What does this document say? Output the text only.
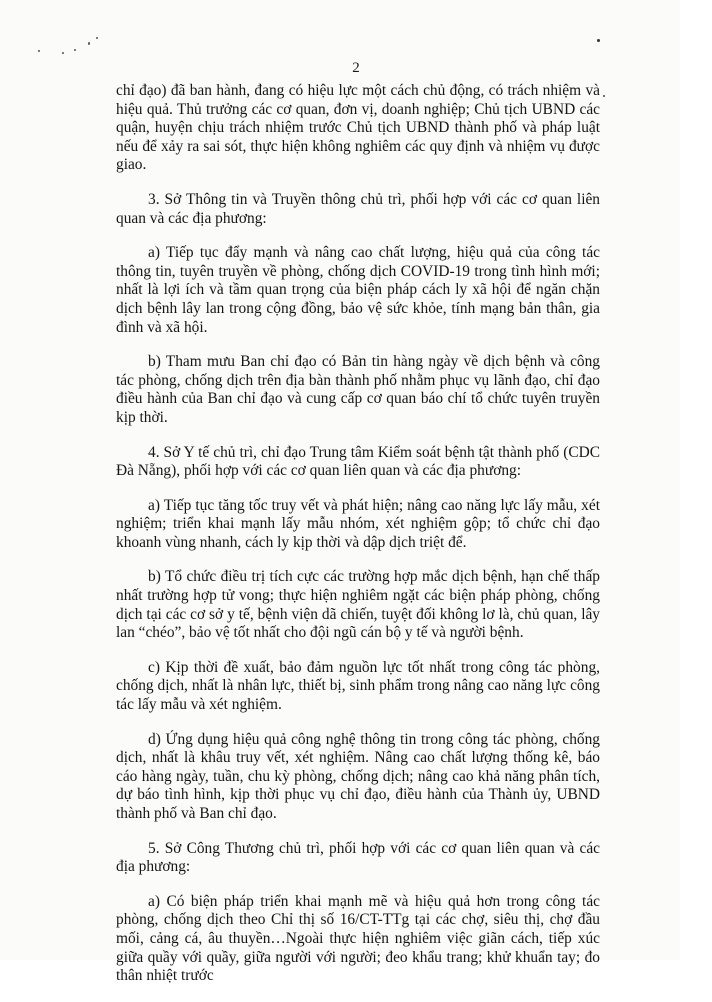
2

chỉ đạo) đã ban hành, đang có hiệu lực một cách chủ động, có trách nhiệm và hiệu quả. Thủ trưởng các cơ quan, đơn vị, doanh nghiệp; Chủ tịch UBND các quận, huyện chịu trách nhiệm trước Chủ tịch UBND thành phố và pháp luật nếu để xảy ra sai sót, thực hiện không nghiêm các quy định và nhiệm vụ được giao.

3. Sở Thông tin và Truyền thông chủ trì, phối hợp với các cơ quan liên quan và các địa phương:

a) Tiếp tục đẩy mạnh và nâng cao chất lượng, hiệu quả của công tác thông tin, tuyên truyền về phòng, chống dịch COVID-19 trong tình hình mới; nhất là lợi ích và tầm quan trọng của biện pháp cách ly xã hội để ngăn chặn dịch bệnh lây lan trong cộng đồng, bảo vệ sức khỏe, tính mạng bản thân, gia đình và xã hội.

b) Tham mưu Ban chỉ đạo có Bản tin hàng ngày về dịch bệnh và công tác phòng, chống dịch trên địa bàn thành phố nhằm phục vụ lãnh đạo, chỉ đạo điều hành của Ban chỉ đạo và cung cấp cơ quan báo chí tổ chức tuyên truyền kịp thời.

4. Sở Y tế chủ trì, chỉ đạo Trung tâm Kiểm soát bệnh tật thành phố (CDC Đà Nẵng), phối hợp với các cơ quan liên quan và các địa phương:

a) Tiếp tục tăng tốc truy vết và phát hiện; nâng cao năng lực lấy mẫu, xét nghiệm; triển khai mạnh lấy mẫu nhóm, xét nghiệm gộp; tổ chức chỉ đạo khoanh vùng nhanh, cách ly kịp thời và dập dịch triệt để.

b) Tổ chức điều trị tích cực các trường hợp mắc dịch bệnh, hạn chế thấp nhất trường hợp tử vong; thực hiện nghiêm ngặt các biện pháp phòng, chống dịch tại các cơ sở y tế, bệnh viện dã chiến, tuyệt đối không lơ là, chủ quan, lây lan “chéo”, bảo vệ tốt nhất cho đội ngũ cán bộ y tế và người bệnh.

c) Kịp thời đề xuất, bảo đảm nguồn lực tốt nhất trong công tác phòng, chống dịch, nhất là nhân lực, thiết bị, sinh phẩm trong nâng cao năng lực công tác lấy mẫu và xét nghiệm.

d) Ứng dụng hiệu quả công nghệ thông tin trong công tác phòng, chống dịch, nhất là khâu truy vết, xét nghiệm. Nâng cao chất lượng thống kê, báo cáo hàng ngày, tuần, chu kỳ phòng, chống dịch; nâng cao khả năng phân tích, dự báo tình hình, kịp thời phục vụ chỉ đạo, điều hành của Thành ủy, UBND thành phố và Ban chỉ đạo.

5. Sở Công Thương chủ trì, phối hợp với các cơ quan liên quan và các địa phương:

a) Có biện pháp triển khai mạnh mẽ và hiệu quả hơn trong công tác phòng, chống dịch theo Chỉ thị số 16/CT-TTg tại các chợ, siêu thị, chợ đầu mối, cảng cá, âu thuyền…Ngoài thực hiện nghiêm việc giãn cách, tiếp xúc giữa quầy với quầy, giữa người với người; đeo khẩu trang; khử khuẩn tay; đo thân nhiệt trước
